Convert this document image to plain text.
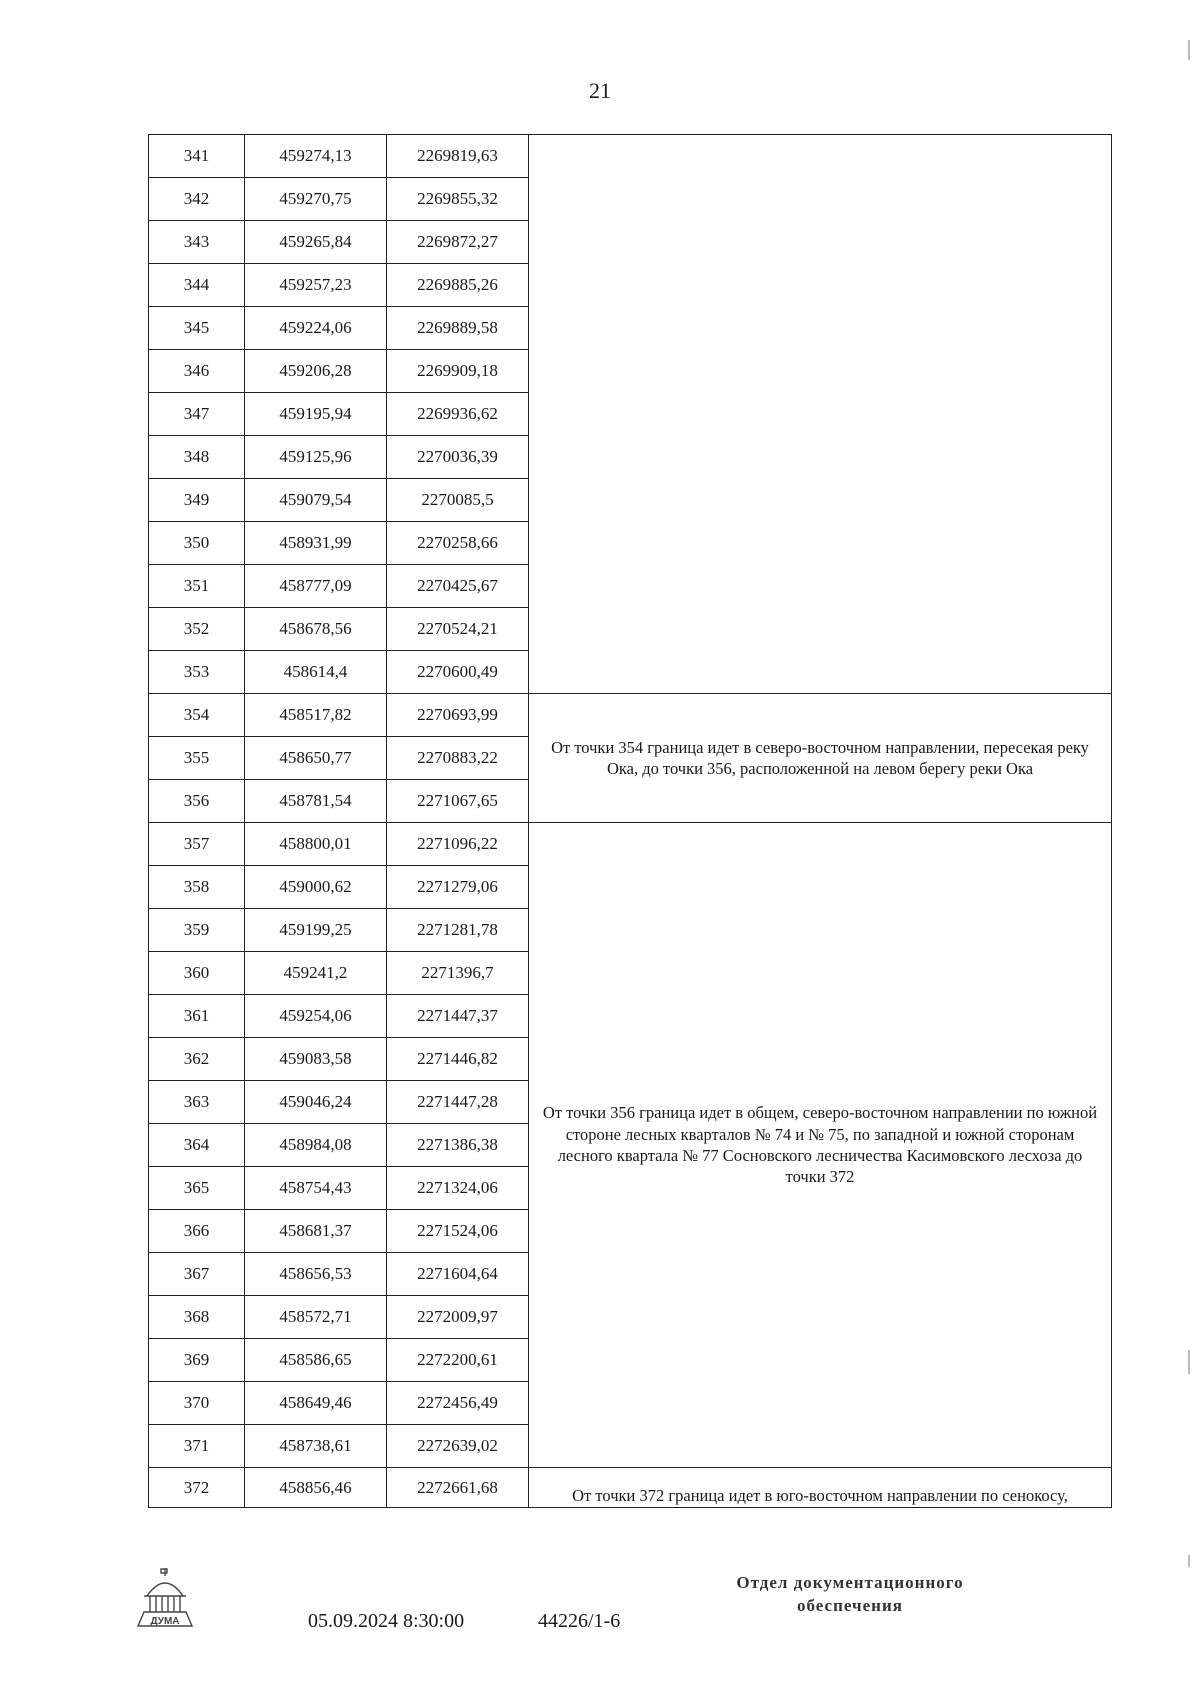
21
341	459274,13	2269819,63	
342	459270,75	2269855,32	
343	459265,84	2269872,27	
344	459257,23	2269885,26	
345	459224,06	2269889,58	
346	459206,28	2269909,18	
347	459195,94	2269936,62	
348	459125,96	2270036,39	
349	459079,54	2270085,5	
350	458931,99	2270258,66	
351	458777,09	2270425,67	
352	458678,56	2270524,21	
353	458614,4	2270600,49	
354	458517,82	2270693,99	От точки 354 граница идет в северо-восточном направлении, пересекая реку Ока, до точки 356, расположенной на левом берегу реки Ока
355	458650,77	2270883,22	
356	458781,54	2271067,65	
357	458800,01	2271096,22	От точки 356 граница идет в общем, северо-восточном направлении по южной стороне лесных кварталов № 74 и № 75, по западной и южной сторонам лесного квартала № 77 Сосновского лесничества Касимовского лесхоза до точки 372
358	459000,62	2271279,06	
359	459199,25	2271281,78	
360	459241,2	2271396,7	
361	459254,06	2271447,37	
362	459083,58	2271446,82	
363	459046,24	2271447,28	
364	458984,08	2271386,38	
365	458754,43	2271324,06	
366	458681,37	2271524,06	
367	458656,53	2271604,64	
368	458572,71	2272009,97	
369	458586,65	2272200,61	
370	458649,46	2272456,49	
371	458738,61	2272639,02	
372	458856,46	2272661,68	От точки 372 граница идет в юго-восточном направлении по сенокосу,
ДУМА	05.09.2024 8:30:00	44226/1-6
Отдел документационного
обеспечения
